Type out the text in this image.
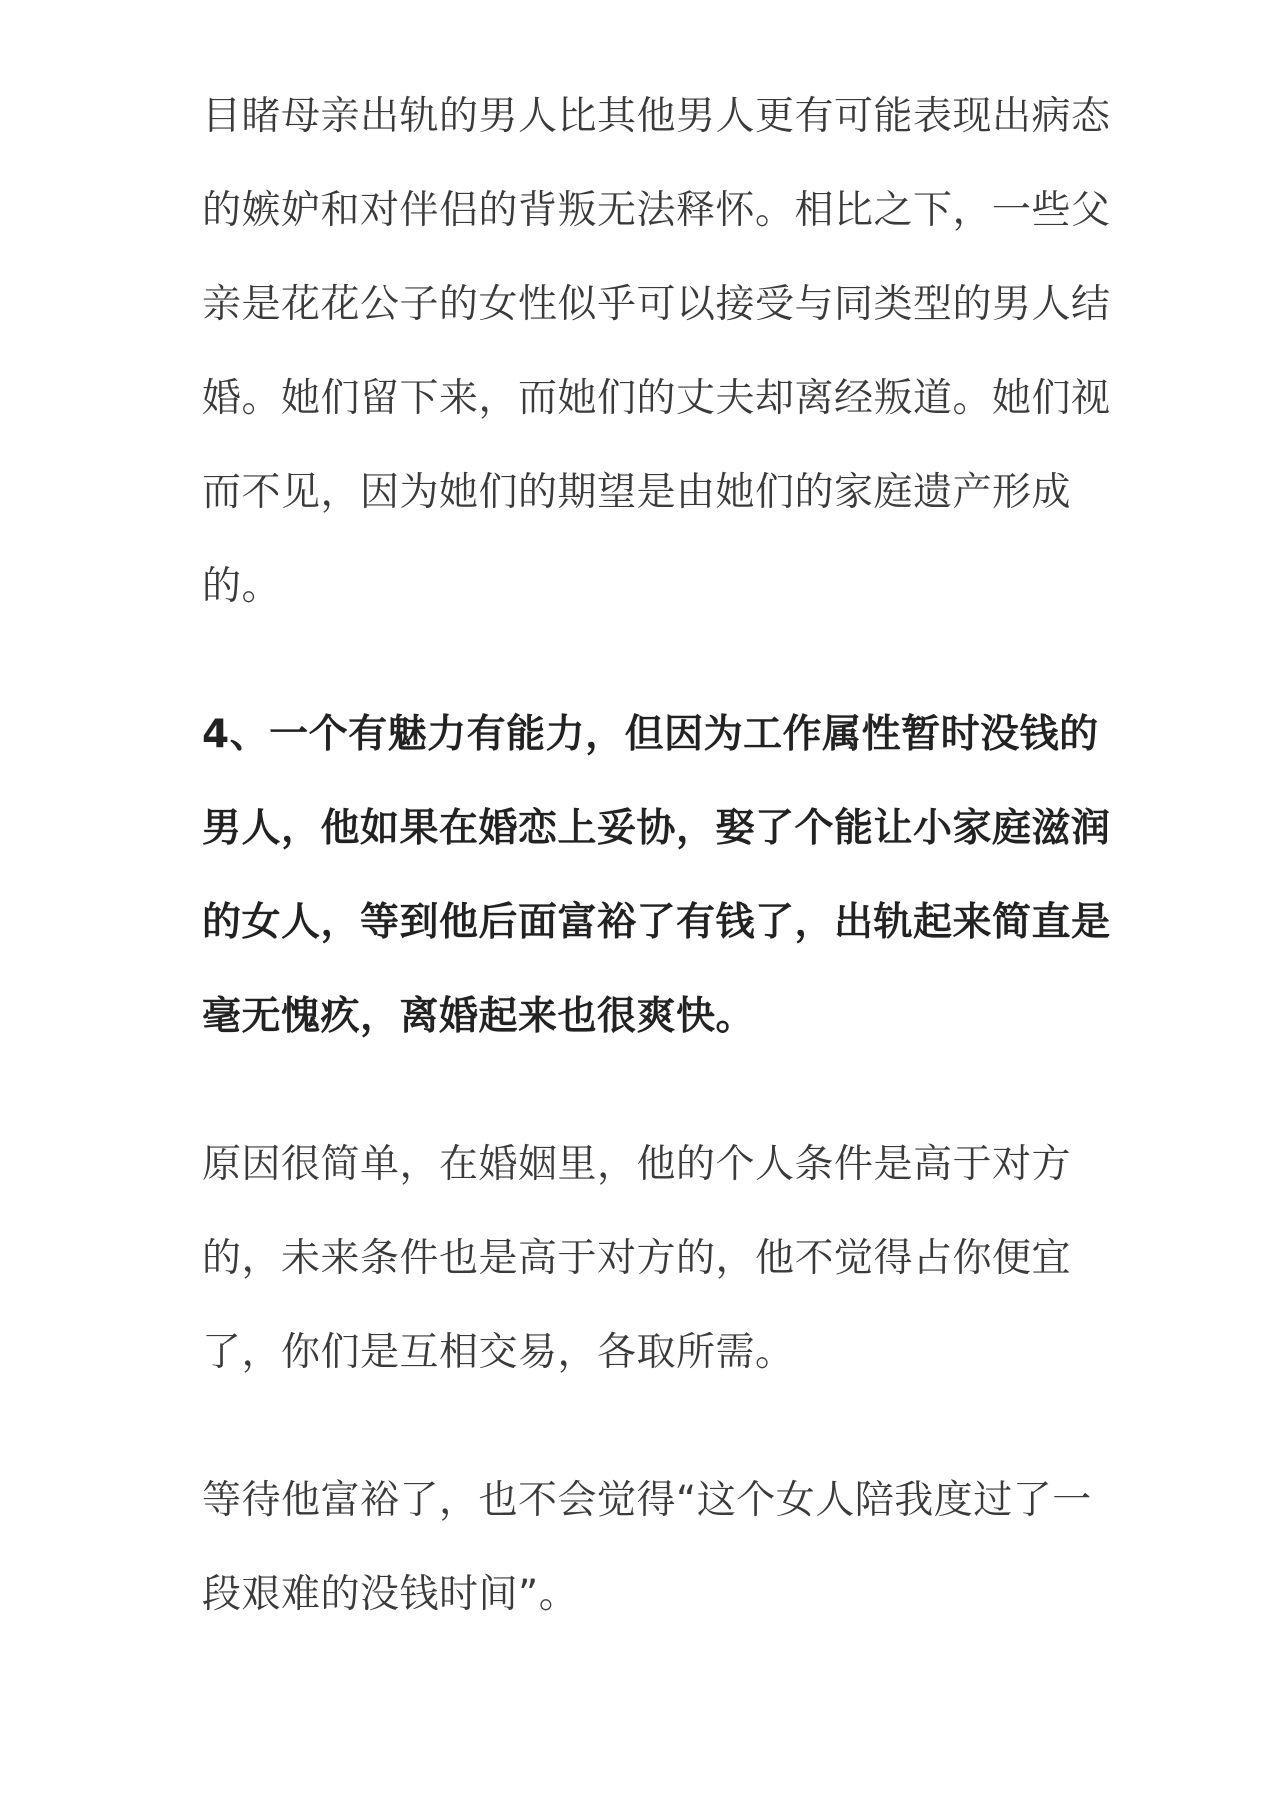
目睹母亲出轨的男人比其他男人更有可能表现出病态
的嫉妒和对伴侣的背叛无法释怀。相比之下，一些父
亲是花花公子的女性似乎可以接受与同类型的男人结
婚。她们留下来，而她们的丈夫却离经叛道。她们视
而不见，因为她们的期望是由她们的家庭遗产形成
的。
4、一个有魅力有能力，但因为工作属性暂时没钱的
男人，他如果在婚恋上妥协，娶了个能让小家庭滋润
的女人，等到他后面富裕了有钱了，出轨起来简直是
毫无愧疚，离婚起来也很爽快。
原因很简单，在婚姻里，他的个人条件是高于对方
的，未来条件也是高于对方的，他不觉得占你便宜
了，你们是互相交易，各取所需。
等待他富裕了，也不会觉得“这个女人陪我度过了一
段艰难的没钱时间”。
